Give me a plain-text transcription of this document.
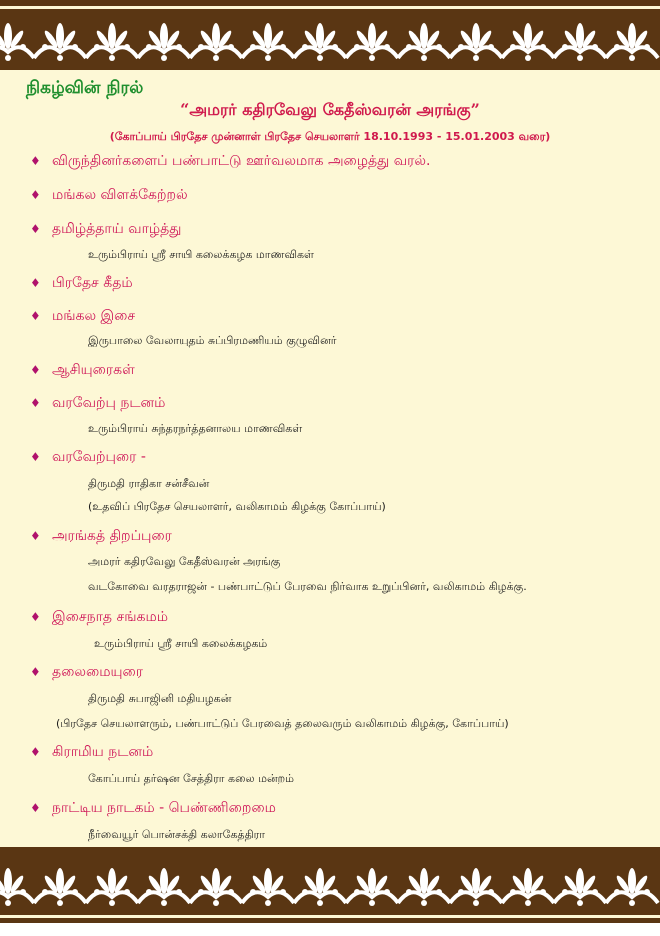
நிகழ்வின் நிரல்
“அமரர் கதிரவேலு கேதீஸ்வரன் அரங்கு”
(கோப்பாய் பிரதேச முன்னாள் பிரதேச செயலாளர் 18.10.1993 - 15.01.2003 வரை)
♦ விருந்தினர்களைப் பண்பாட்டு ஊர்வலமாக அழைத்து வரல்.
♦ மங்கல விளக்கேற்றல்
♦ தமிழ்த்தாய் வாழ்த்து
உரும்பிராய் ஸ்ரீ சாயி கலைக்கழக மாணவிகள்
♦ பிரதேச கீதம்
♦ மங்கல இசை
இருபாலை வேலாயுதம் சுப்பிரமணியம் குழுவினர்
♦ ஆசியுரைகள்
♦ வரவேற்பு நடனம்
உரும்பிராய் சுந்தரநர்த்தனாலய மாணவிகள்
♦ வரவேற்புரை -
திருமதி ராதிகா சன்சீவன்
(உதவிப் பிரதேச செயலாளர், வலிகாமம் கிழக்கு கோப்பாய்)
♦ அரங்கத் திறப்புரை
அமரர் கதிரவேலு கேதீஸ்வரன் அரங்கு
வடகோவை வரதராஜன் - பண்பாட்டுப் பேரவை நிர்வாக உறுப்பினர், வலிகாமம் கிழக்கு.
♦ இசைநாத சங்கமம்
உரும்பிராய் ஸ்ரீ சாயி கலைக்கழகம்
♦ தலைமையுரை
திருமதி சுபாஜினி மதியழகன்
(பிரதேச செயலாளரும், பண்பாட்டுப் பேரவைத் தலைவரும் வலிகாமம் கிழக்கு, கோப்பாய்)
♦ கிராமிய நடனம்
கோப்பாய் தர்ஷன சேத்திரா கலை மன்றம்
♦ நாட்டிய நாடகம் - பெண்ணிறைமை
நீர்வையூர் பொன்சக்தி கலாகேத்திரா
